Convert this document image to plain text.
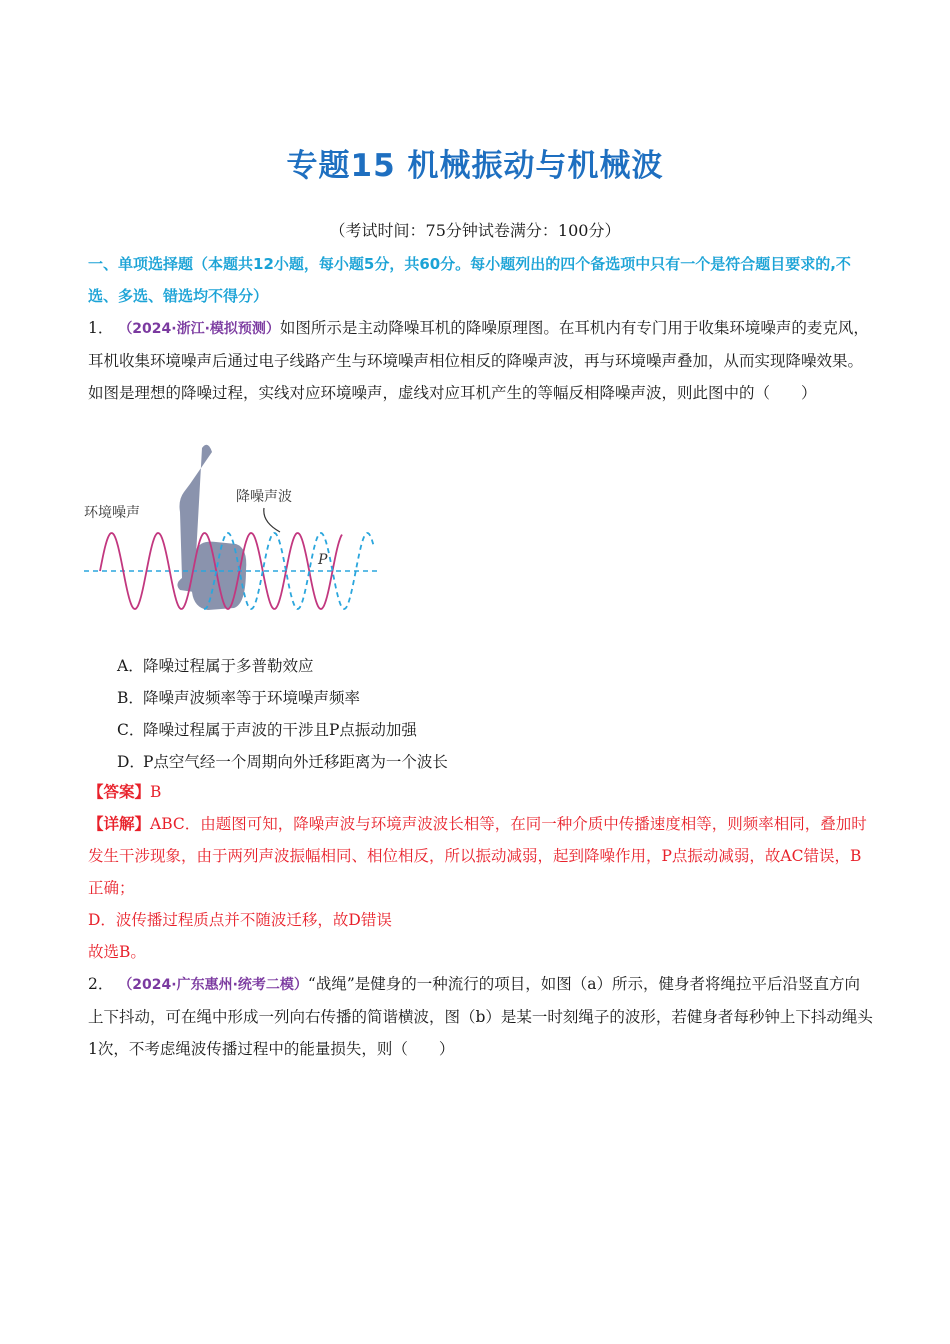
专题15 机械振动与机械波
（考试时间：75分钟试卷满分：100分）
一、单项选择题（本题共12小题，每小题5分，共60分。每小题列出的四个备选项中只有一个是符合题目要求的,不选、多选、错选均不得分）
1． （2024·浙江·模拟预测）如图所示是主动降噪耳机的降噪原理图。在耳机内有专门用于收集环境噪声的麦克风，耳机收集环境噪声后通过电子线路产生与环境噪声相位相反的降噪声波，再与环境噪声叠加，从而实现降噪效果。如图是理想的降噪过程，实线对应环境噪声，虚线对应耳机产生的等幅反相降噪声波，则此图中的（　　）
环境噪声
降噪声波
P
A．降噪过程属于多普勒效应
B．降噪声波频率等于环境噪声频率
C．降噪过程属于声波的干涉且P点振动加强
D．P点空气经一个周期向外迁移距离为一个波长
【答案】B
【详解】ABC．由题图可知，降噪声波与环境声波波长相等，在同一种介质中传播速度相等，则频率相同，叠加时发生干涉现象，由于两列声波振幅相同、相位相反，所以振动减弱，起到降噪作用，P点振动减弱，故AC错误，B正确；
D．波传播过程质点并不随波迁移，故D错误
故选B。
2． （2024·广东惠州·统考二模）“战绳”是健身的一种流行的项目，如图（a）所示，健身者将绳拉平后沿竖直方向上下抖动，可在绳中形成一列向右传播的简谐横波，图（b）是某一时刻绳子的波形，若健身者每秒钟上下抖动绳头1次，不考虑绳波传播过程中的能量损失，则（　　）
